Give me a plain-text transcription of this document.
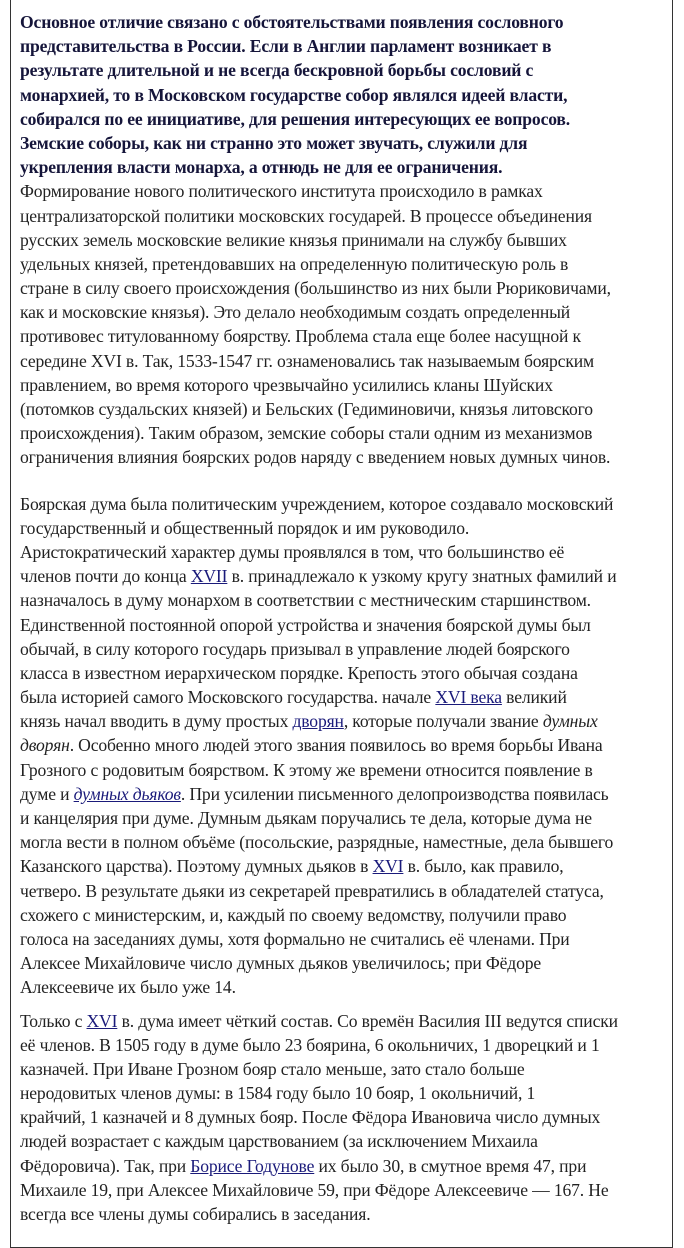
Основное отличие связано с обстоятельствами появления сословного
представительства в России. Если в Англии парламент возникает в
результате длительной и не всегда бескровной борьбы сословий с
монархией, то в Московском государстве собор являлся идеей власти,
собирался по ее инициативе, для решения интересующих ее вопросов.
Земские соборы, как ни странно это может звучать, служили для
укрепления власти монарха, а отнюдь не для ее ограничения.
Формирование нового политического института происходило в рамках
централизаторской политики московских государей. В процессе объединения
русских земель московские великие князья принимали на службу бывших
удельных князей, претендовавших на определенную политическую роль в
стране в силу своего происхождения (большинство из них были Рюриковичами,
как и московские князья). Это делало необходимым создать определенный
противовес титулованному боярству. Проблема стала еще более насущной к
середине XVI в. Так, 1533-1547 гг. ознаменовались так называемым боярским
правлением, во время которого чрезвычайно усилились кланы Шуйских
(потомков суздальских князей) и Бельских (Гедиминовичи, князья литовского
происхождения). Таким образом, земские соборы стали одним из механизмов
ограничения влияния боярских родов наряду с введением новых думных чинов.
Боярская дума была политическим учреждением, которое создавало московский
государственный и общественный порядок и им руководило.
Аристократический характер думы проявлялся в том, что большинство её
членов почти до конца XVII в. принадлежало к узкому кругу знатных фамилий и
назначалось в думу монархом в соответствии с местническим старшинством.
Единственной постоянной опорой устройства и значения боярской думы был
обычай, в силу которого государь призывал в управление людей боярского
класса в известном иерархическом порядке. Крепость этого обычая создана
была историей самого Московского государства. начале XVI века великий
князь начал вводить в думу простых дворян, которые получали звание думных
дворян. Особенно много людей этого звания появилось во время борьбы Ивана
Грозного с родовитым боярством. К этому же времени относится появление в
думе и думных дьяков. При усилении письменного делопроизводства появилась
и канцелярия при думе. Думным дьякам поручались те дела, которые дума не
могла вести в полном объёме (посольские, разрядные, наместные, дела бывшего
Казанского царства). Поэтому думных дьяков в XVI в. было, как правило,
четверо. В результате дьяки из секретарей превратились в обладателей статуса,
схожего с министерским, и, каждый по своему ведомству, получили право
голоса на заседаниях думы, хотя формально не считались её членами. При
Алексее Михайловиче число думных дьяков увеличилось; при Фёдоре
Алексеевиче их было уже 14.
Только с XVI в. дума имеет чёткий состав. Со времён Василия III ведутся списки
её членов. В 1505 году в думе было 23 боярина, 6 окольничих, 1 дворецкий и 1
казначей. При Иване Грозном бояр стало меньше, зато стало больше
неродовитых членов думы: в 1584 году было 10 бояр, 1 окольничий, 1
крайчий, 1 казначей и 8 думных бояр. После Фёдора Ивановича число думных
людей возрастает с каждым царствованием (за исключением Михаила
Фёдоровича). Так, при Борисе Годунове их было 30, в смутное время 47, при
Михаиле 19, при Алексее Михайловиче 59, при Фёдоре Алексеевиче — 167. Не
всегда все члены думы собирались в заседания.
